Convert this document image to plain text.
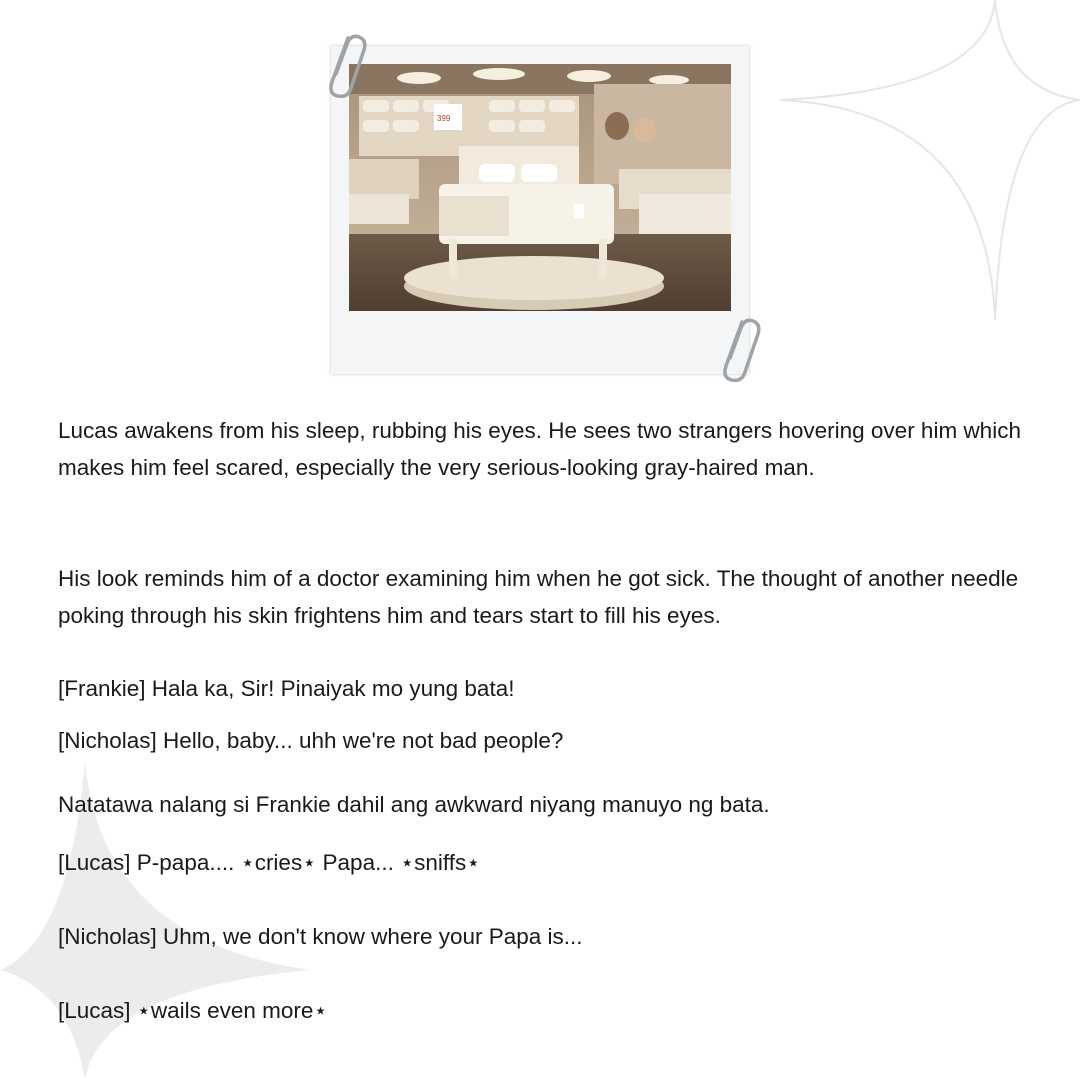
399

Lucas awakens from his sleep, rubbing his eyes. He sees two strangers hovering over him which makes him feel scared, especially the very serious-looking gray-haired man.

His look reminds him of a doctor examining him when he got sick. The thought of another needle poking through his skin frightens him and tears start to fill his eyes.

[Frankie] Hala ka, Sir! Pinaiyak mo yung bata!
[Nicholas] Hello, baby... uhh we're not bad people?
Natatawa nalang si Frankie dahil ang awkward niyang manuyo ng bata.
[Lucas] P-papa.... ⋆cries⋆ Papa... ⋆sniffs⋆
[Nicholas] Uhm, we don't know where your Papa is...
[Lucas] ⋆wails even more⋆
